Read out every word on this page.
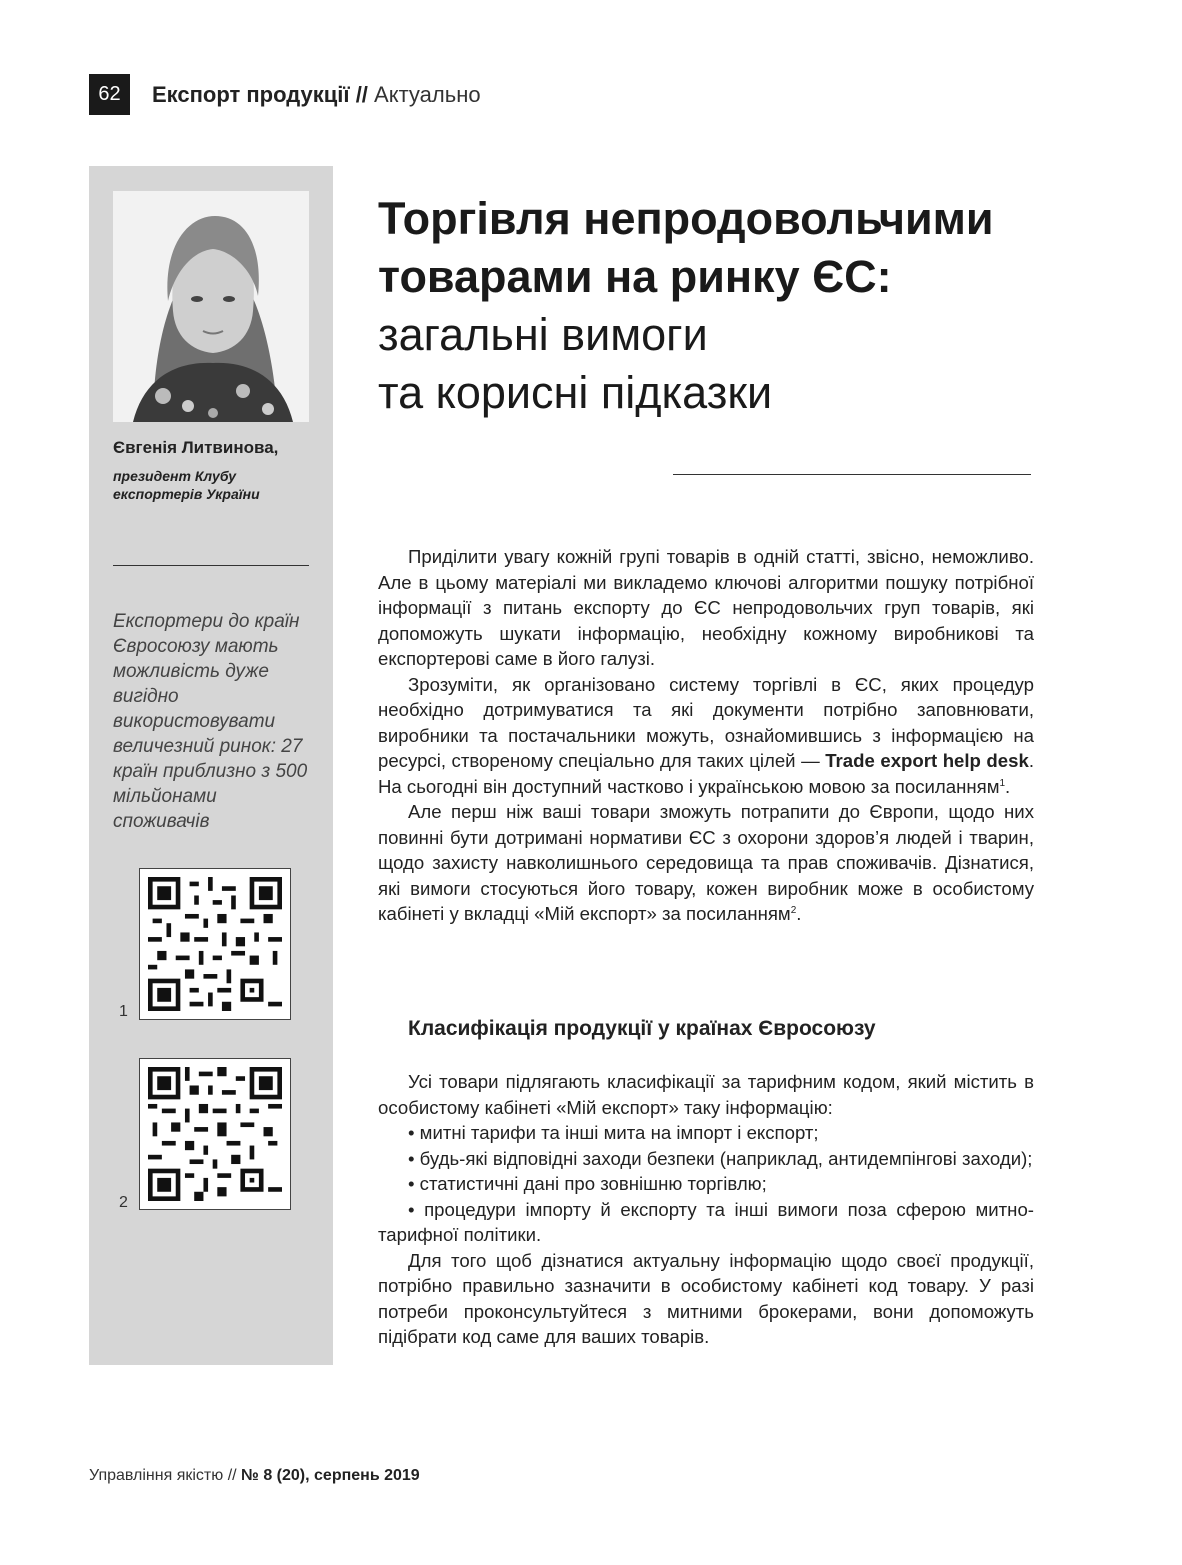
62	Експорт продукції // Актуально
Євгенія Литвинова,
президент Клубу експортерів України
Експортери до країн Євросоюзу мають можливість дуже вигідно використовувати величезний ринок: 27 країн приблизно з 500 мільйонами споживачів
1
2
Торгівля непродовольчими
товарами на ринку ЄС:
загальні вимоги
та корисні підказки

Приділити увагу кожній групі товарів в одній статті, звісно, неможливо. Але в цьому матеріалі ми викладемо ключові алгоритми пошуку потрібної інформації з питань експорту до ЄС непродовольчих груп товарів, які допоможуть шукати інформацію, необхідну кожному виробникові та експортерові саме в його галузі.

Зрозуміти, як організовано систему торгівлі в ЄС, яких процедур необхідно дотримуватися та які документи потрібно заповнювати, виробники та постачальники можуть, ознайомившись з інформацією на ресурсі, створеному спеціально для таких цілей — Trade export help desk. На сьогодні він доступний частково і українською мовою за посиланням$^1$.

Але перш ніж ваші товари зможуть потрапити до Європи, щодо них повинні бути дотримані нормативи ЄС з охорони здоров’я людей і тварин, щодо захисту навколишнього середовища та прав споживачів. Дізнатися, які вимоги стосуються його товару, кожен виробник може в особистому кабінеті у вкладці «Мій експорт» за посиланням$^2$.

Класифікація продукції у країнах Євросоюзу

Усі товари підлягають класифікації за тарифним кодом, який містить в особистому кабінеті «Мій експорт» таку інформацію:

• митні тарифи та інші мита на імпорт і експорт;
• будь-які відповідні заходи безпеки (наприклад, антидемпінгові заходи);
• статистичні дані про зовнішню торгівлю;
• процедури імпорту й експорту та інші вимоги поза сферою митно-тарифної політики.

Для того щоб дізнатися актуальну інформацію щодо своєї продукції, потрібно правильно зазначити в особистому кабінеті код товару. У разі потреби проконсультуйтеся з митними брокерами, вони допоможуть підібрати код саме для ваших товарів.

Управління якістю // № 8 (20), серпень 2019
